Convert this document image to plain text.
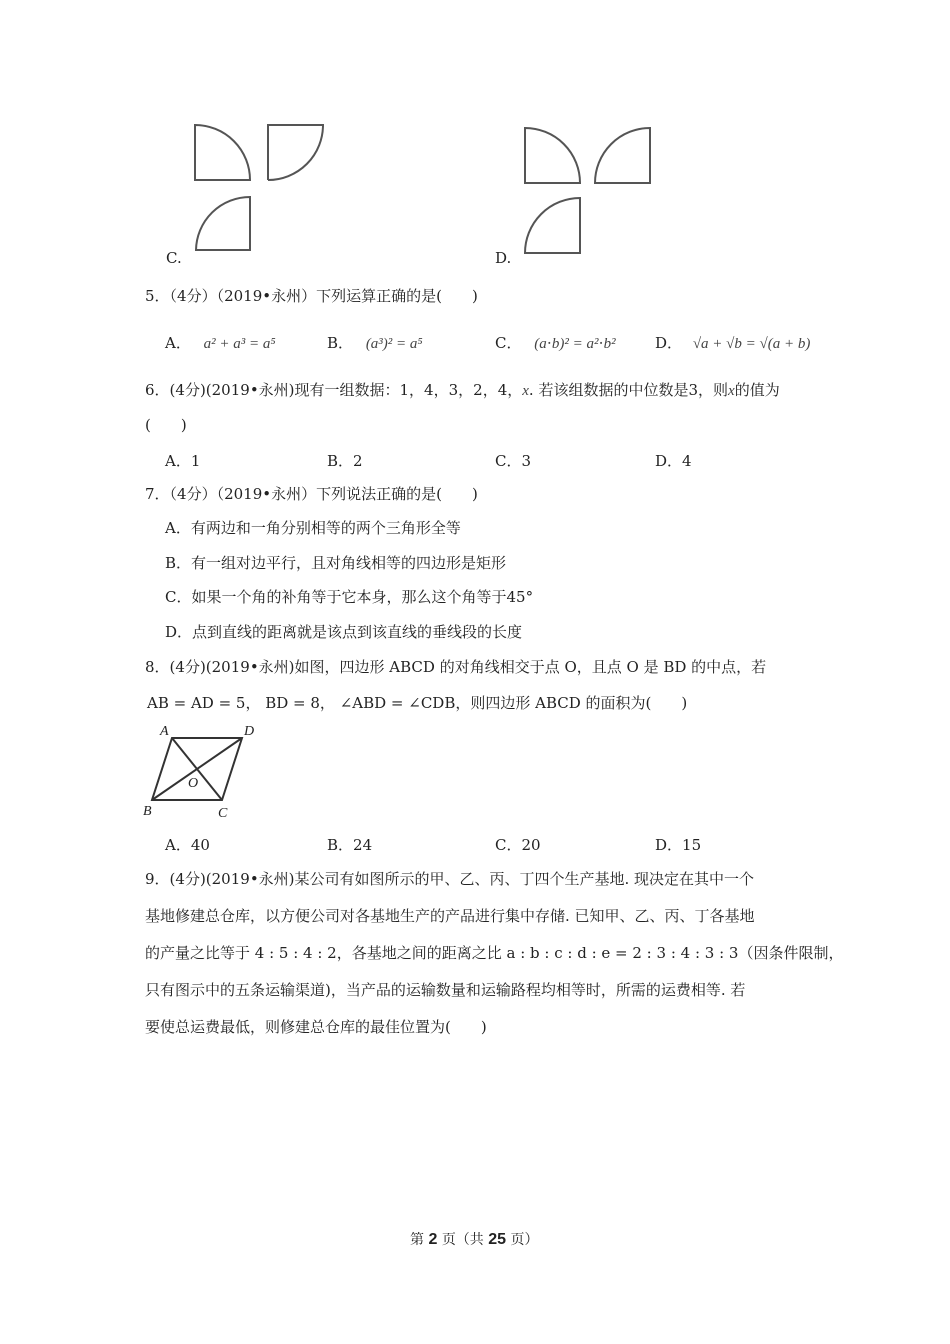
C.	D.
5．（4分）（2019•永州）下列运算正确的是(　　)
A． a² + a³ = a⁵	B． (a³)² = a⁵	C． (a⋅b)² = a²⋅b²	D． √a + √b = √(a + b)
6．(4分)(2019•永州)现有一组数据：1，4，3，2，4，x. 若该组数据的中位数是3，则x的值为
(　　)
A．1	B．2	C．3	D．4
7．（4分）（2019•永州）下列说法正确的是(　　)
A．有两边和一角分别相等的两个三角形全等
B．有一组对边平行，且对角线相等的四边形是矩形
C．如果一个角的补角等于它本身，那么这个角等于45°
D．点到直线的距离就是该点到该直线的垂线段的长度
8．(4分)(2019•永州)如图，四边形 ABCD 的对角线相交于点 O，且点 O 是 BD 的中点，若
AB = AD = 5， BD = 8， ∠ABD = ∠CDB，则四边形 ABCD 的面积为(　　)
A	D
O
B	C
A．40	B．24	C．20	D．15
9．(4分)(2019•永州)某公司有如图所示的甲、乙、丙、丁四个生产基地. 现决定在其中一个
基地修建总仓库，以方便公司对各基地生产的产品进行集中存储. 已知甲、乙、丙、丁各基地
的产量之比等于 4 : 5 : 4 : 2，各基地之间的距离之比 a : b : c : d : e = 2 : 3 : 4 : 3 : 3（因条件限制，
只有图示中的五条运输渠道)，当产品的运输数量和运输路程均相等时，所需的运费相等. 若
要使总运费最低，则修建总仓库的最佳位置为(　　)
第 2 页（共 25 页）
